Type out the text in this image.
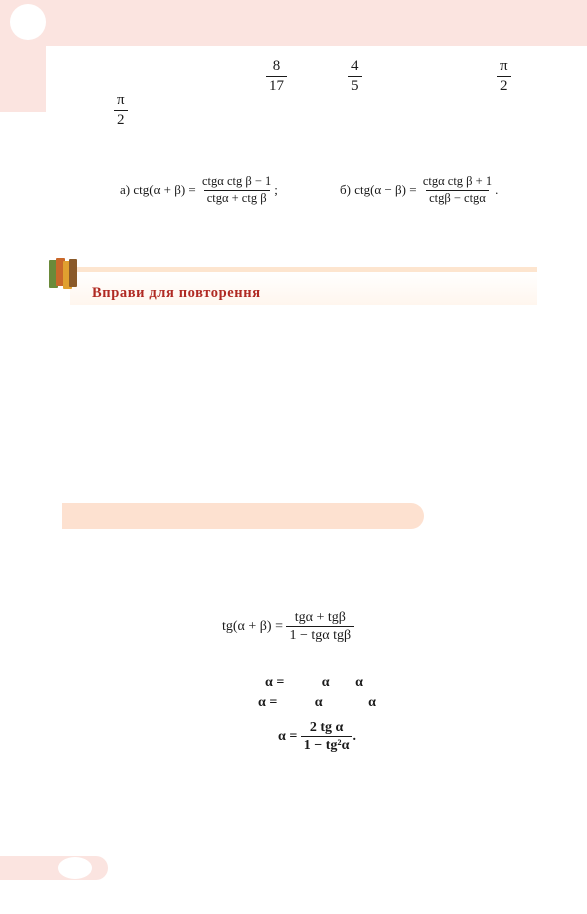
$\frac{8}{17}$	$\frac{4}{5}$	$\frac{\pi}{2}$
$\frac{\pi}{2}$
а)
ctg(α + β) =
$\frac{\text{ctgα ctg β − 1}}{\text{ctgα + ctg β}}$ ;	б)
ctg(α − β) =
$\frac{\text{ctgα ctg β + 1}}{\text{ctgβ − ctgα}}$ .
Вправи для повторення
$tg(\alpha + \beta) = \frac{\text{tgα + tgβ}}{\text{1 − tgα tgβ}}$
α =	α α
α =	α	α
$\alpha = \frac{\text{2 tg α}}{\text{1 − tg²α}}$ .
